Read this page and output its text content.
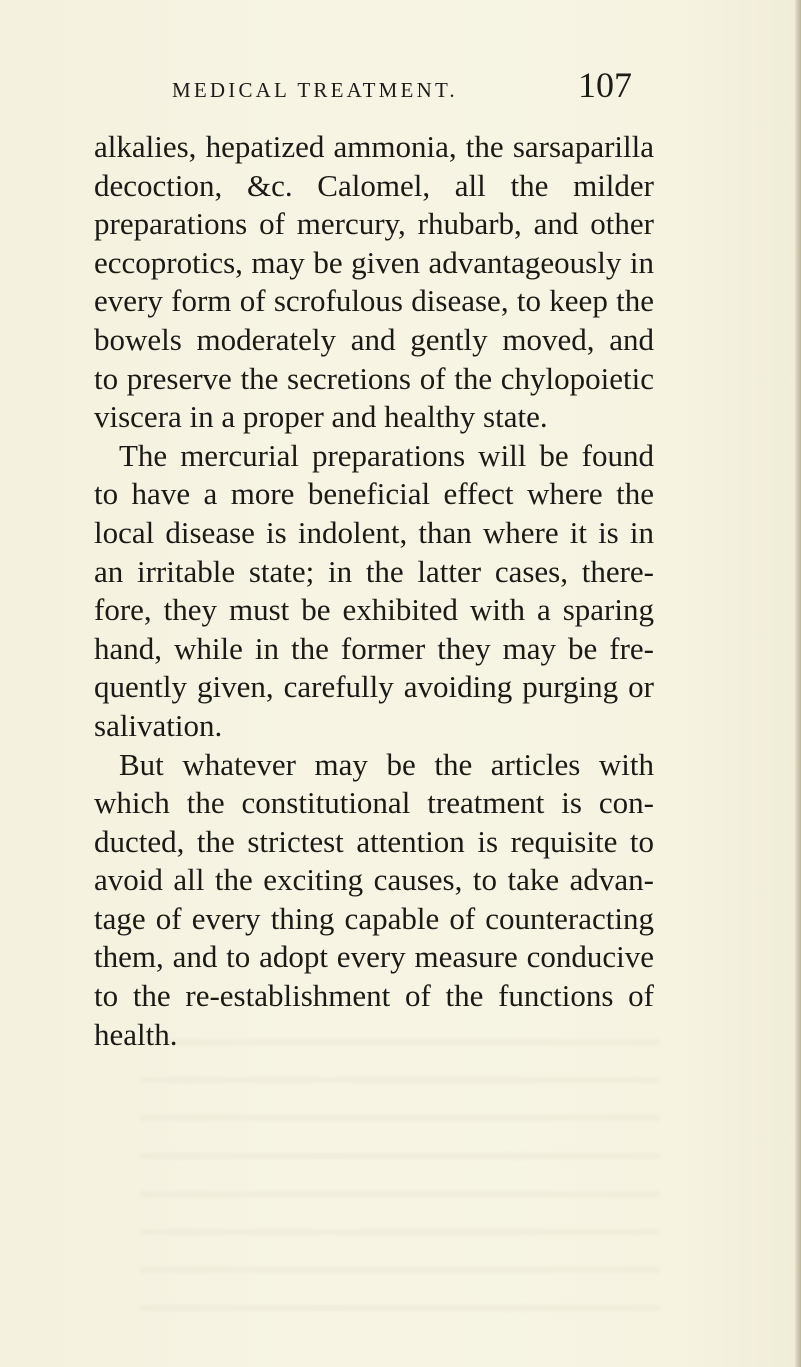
MEDICAL TREATMENT.	107
alkalies, hepatized ammonia, the sarsaparilla
decoction, &c. Calomel, all the milder
preparations of mercury, rhubarb, and other
eccoprotics, may be given advantageously in
every form of scrofulous disease, to keep the
bowels moderately and gently moved, and
to preserve the secretions of the chylopoietic
viscera in a proper and healthy state.
The mercurial preparations will be found
to have a more beneficial effect where the
local disease is indolent, than where it is in
an irritable state; in the latter cases, there-
fore, they must be exhibited with a sparing
hand, while in the former they may be fre-
quently given, carefully avoiding purging or
salivation.
But whatever may be the articles with
which the constitutional treatment is con-
ducted, the strictest attention is requisite to
avoid all the exciting causes, to take advan-
tage of every thing capable of counteracting
them, and to adopt every measure conducive
to the re-establishment of the functions of
health.
